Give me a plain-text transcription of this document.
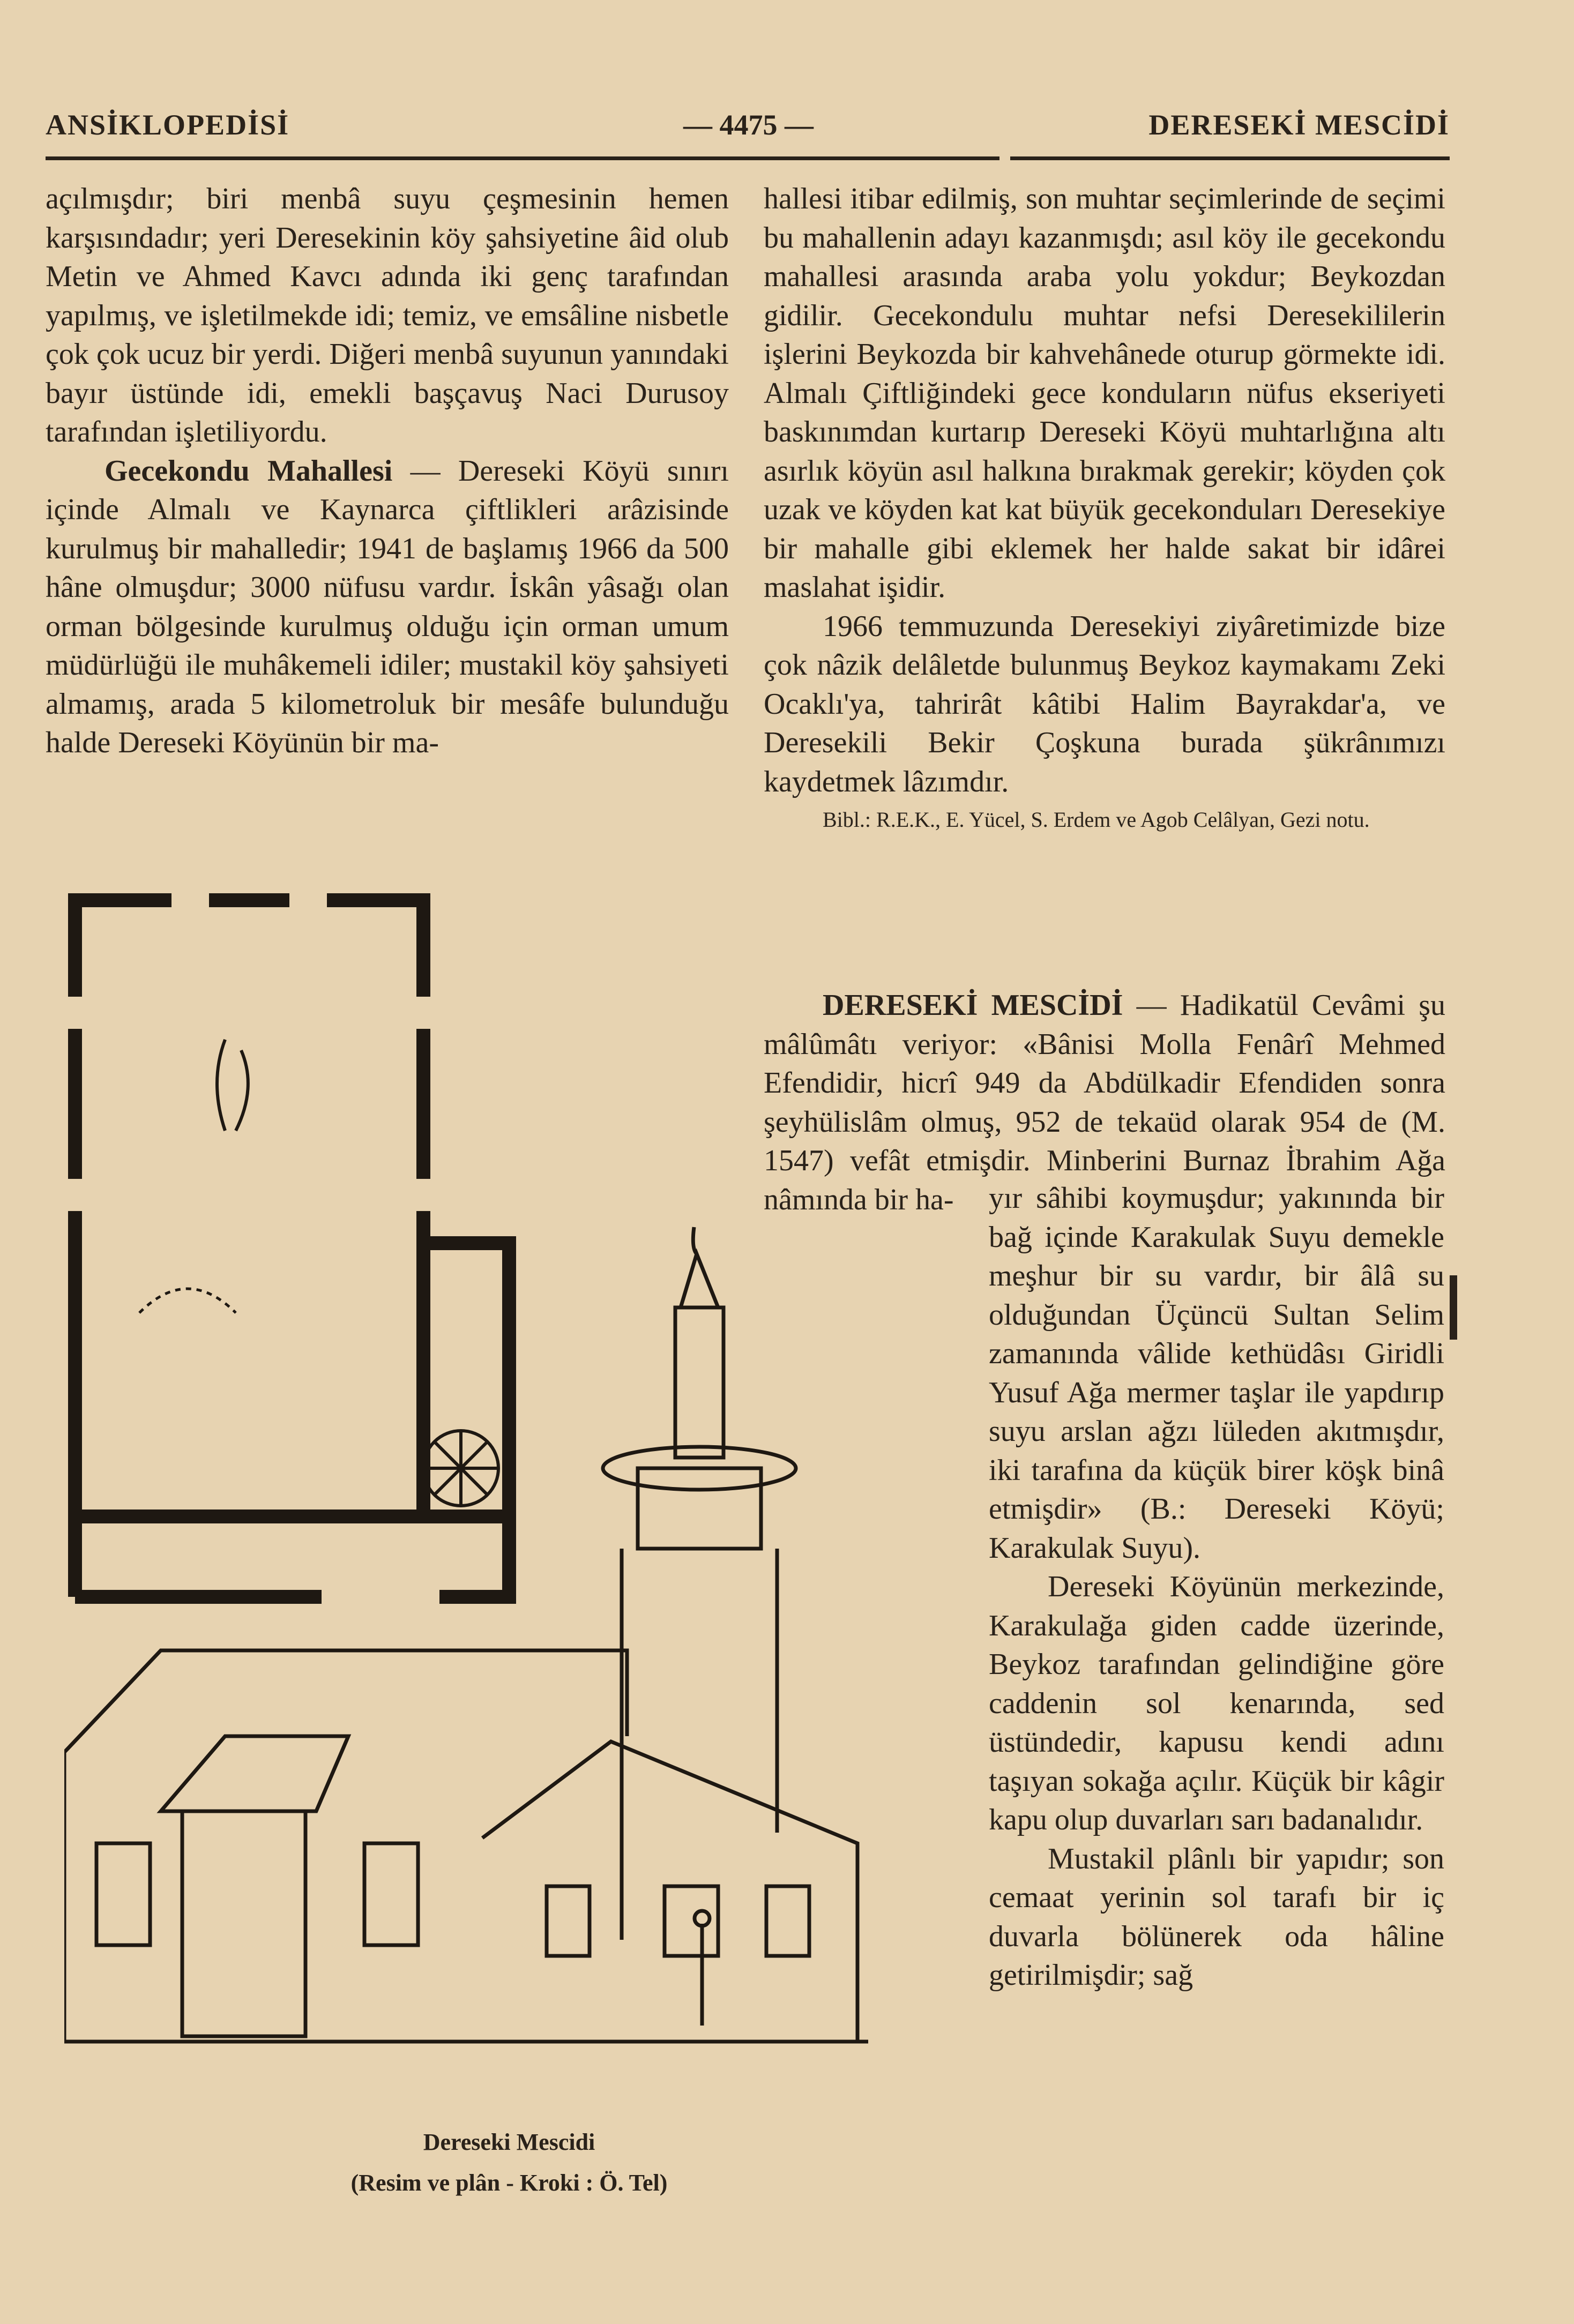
ANSİKLOPEDİSİ	— 4475 —	DERESEKİ MESCİDİ

açılmışdır; biri menbâ suyu çeşmesinin hemen karşısındadır; yeri Deresekinin köy şahsiyetine âid olub Metin ve Ahmed Kavcı adında iki genç tarafından yapılmış, ve işletilmekde idi; temiz, ve emsâline nisbetle çok çok ucuz bir yerdi. Diğeri menbâ suyunun yanındaki bayır üstünde idi, emekli başçavuş Naci Durusoy tarafından işletiliyordu.

Gecekondu Mahallesi — Dereseki Köyü sınırı içinde Almalı ve Kaynarca çiftlikleri arâzisinde kurulmuş bir mahalledir; 1941 de başlamış 1966 da 500 hâne olmuşdur; 3000 nüfusu vardır. İskân yâsağı olan orman bölgesinde kurulmuş olduğu için orman umum müdürlüğü ile muhâkemeli idiler; mustakil köy şahsiyeti almamış, arada 5 kilometroluk bir mesâfe bulunduğu halde Dereseki Köyünün bir ma-

hallesi itibar edilmiş, son muhtar seçimlerinde de seçimi bu mahallenin adayı kazanmışdı; asıl köy ile gecekondu mahallesi arasında araba yolu yokdur; Beykozdan gidilir. Gecekondulu muhtar nefsi Deresekililerin işlerini Beykozda bir kahvehânede oturup görmekte idi. Almalı Çiftliğindeki gece konduların nüfus ekseriyeti baskınımdan kurtarıp Dereseki Köyü muhtarlığına altı asırlık köyün asıl halkına bırakmak gerekir; köyden çok uzak ve köyden kat kat büyük gecekonduları Deresekiye bir mahalle gibi eklemek her halde sakat bir idârei maslahat işidir.

1966 temmuzunda Deresekiyi ziyâretimizde bize çok nâzik delâletde bulunmuş Beykoz kaymakamı Zeki Ocaklı'ya, tahrirât kâtibi Halim Bayrakdar'a, ve Deresekili Bekir Çoşkuna burada şükrânımızı kaydetmek lâzımdır.

Bibl.: R.E.K., E. Yücel, S. Erdem ve Agob Celâlyan, Gezi notu.

DERESEKİ MESCİDİ — Hadikatül Cevâmi şu mâlûmâtı veriyor: «Bânisi Molla Fenârî Mehmed Efendidir, hicrî 949 da Abdülkadir Efendiden sonra şeyhülislâm olmuş, 952 de tekaüd olarak 954 de (M. 1547) vefât etmişdir. Minberini Burnaz İbrahim Ağa nâmında bir ha-	yır sâhibi koymuşdur; yakınında bir bağ içinde Karakulak Suyu demekle meşhur bir su vardır, bir âlâ su olduğundan Üçüncü Sultan Selim zamanında vâlide kethüdâsı Giridli Yusuf Ağa mermer taşlar ile yapdırıp suyu arslan ağzı lüleden akıtmışdır, iki tarafına da küçük birer köşk binâ etmişdir» (B.: Dereseki Köyü; Karakulak Suyu).

Dereseki Köyünün merkezinde, Karakulağa giden cadde üzerinde, Beykoz tarafından gelindiğine göre caddenin sol kenarında, sed üstündedir, kapusu kendi adını taşıyan sokağa açılır. Küçük bir kâgir kapu olup duvarları sarı badanalıdır.

Mustakil plânlı bir yapıdır; son cemaat yerinin sol tarafı bir iç duvarla bölünerek oda hâline getirilmişdir; sağ

Dereseki Mescidi
(Resim ve plân - Kroki : Ö. Tel)
